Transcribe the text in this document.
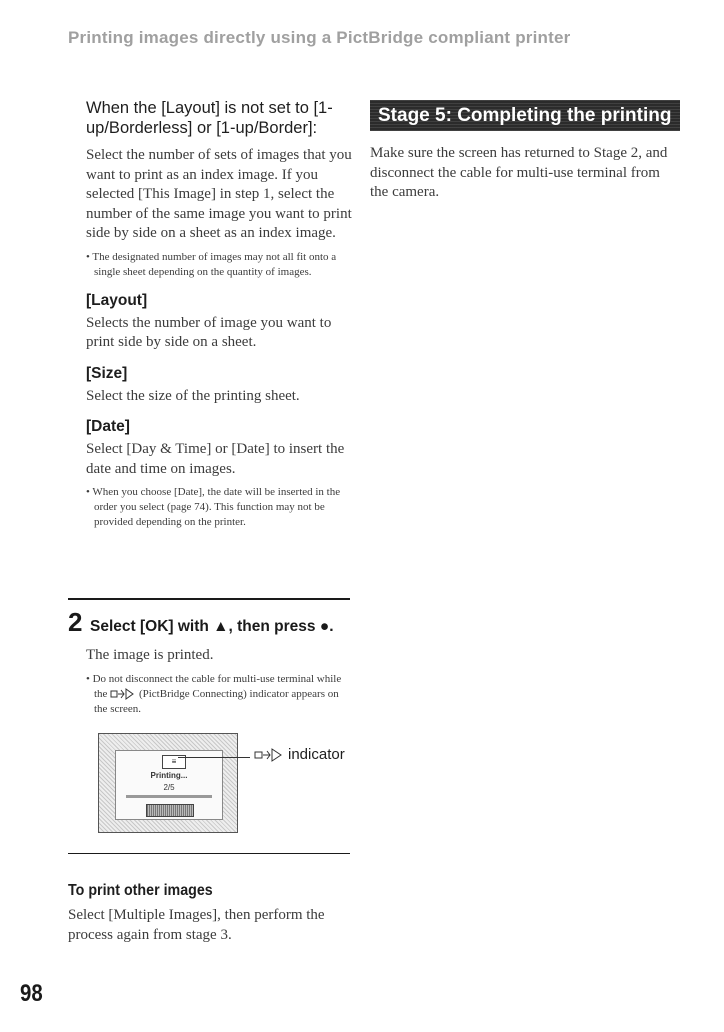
Printing images directly using a PictBridge compliant printer

When the [Layout] is not set to [1-up/Borderless] or [1-up/Border]:

Select the number of sets of images that you want to print as an index image. If you selected [This Image] in step 1, select the number of the same image you want to print side by side on a sheet as an index image.

• The designated number of images may not all fit onto a single sheet depending on the quantity of images.

[Layout]

Selects the number of image you want to print side by side on a sheet.

[Size]

Select the size of the printing sheet.

[Date]

Select [Day & Time] or [Date] to insert the date and time on images.

• When you choose [Date], the date will be inserted in the order you select (page 74). This function may not be provided depending on the printer.

2 Select [OK] with ▲, then press ●.

The image is printed.

• Do not disconnect the cable for multi-use terminal while the  (PictBridge Connecting) indicator appears on the screen.

≡
Printing...
2/5
indicator
To print other images

Select [Multiple Images], then perform the process again from stage 3.

Stage 5: Completing the printing

Make sure the screen has returned to Stage 2, and disconnect the cable for multi-use terminal from the camera.

98
